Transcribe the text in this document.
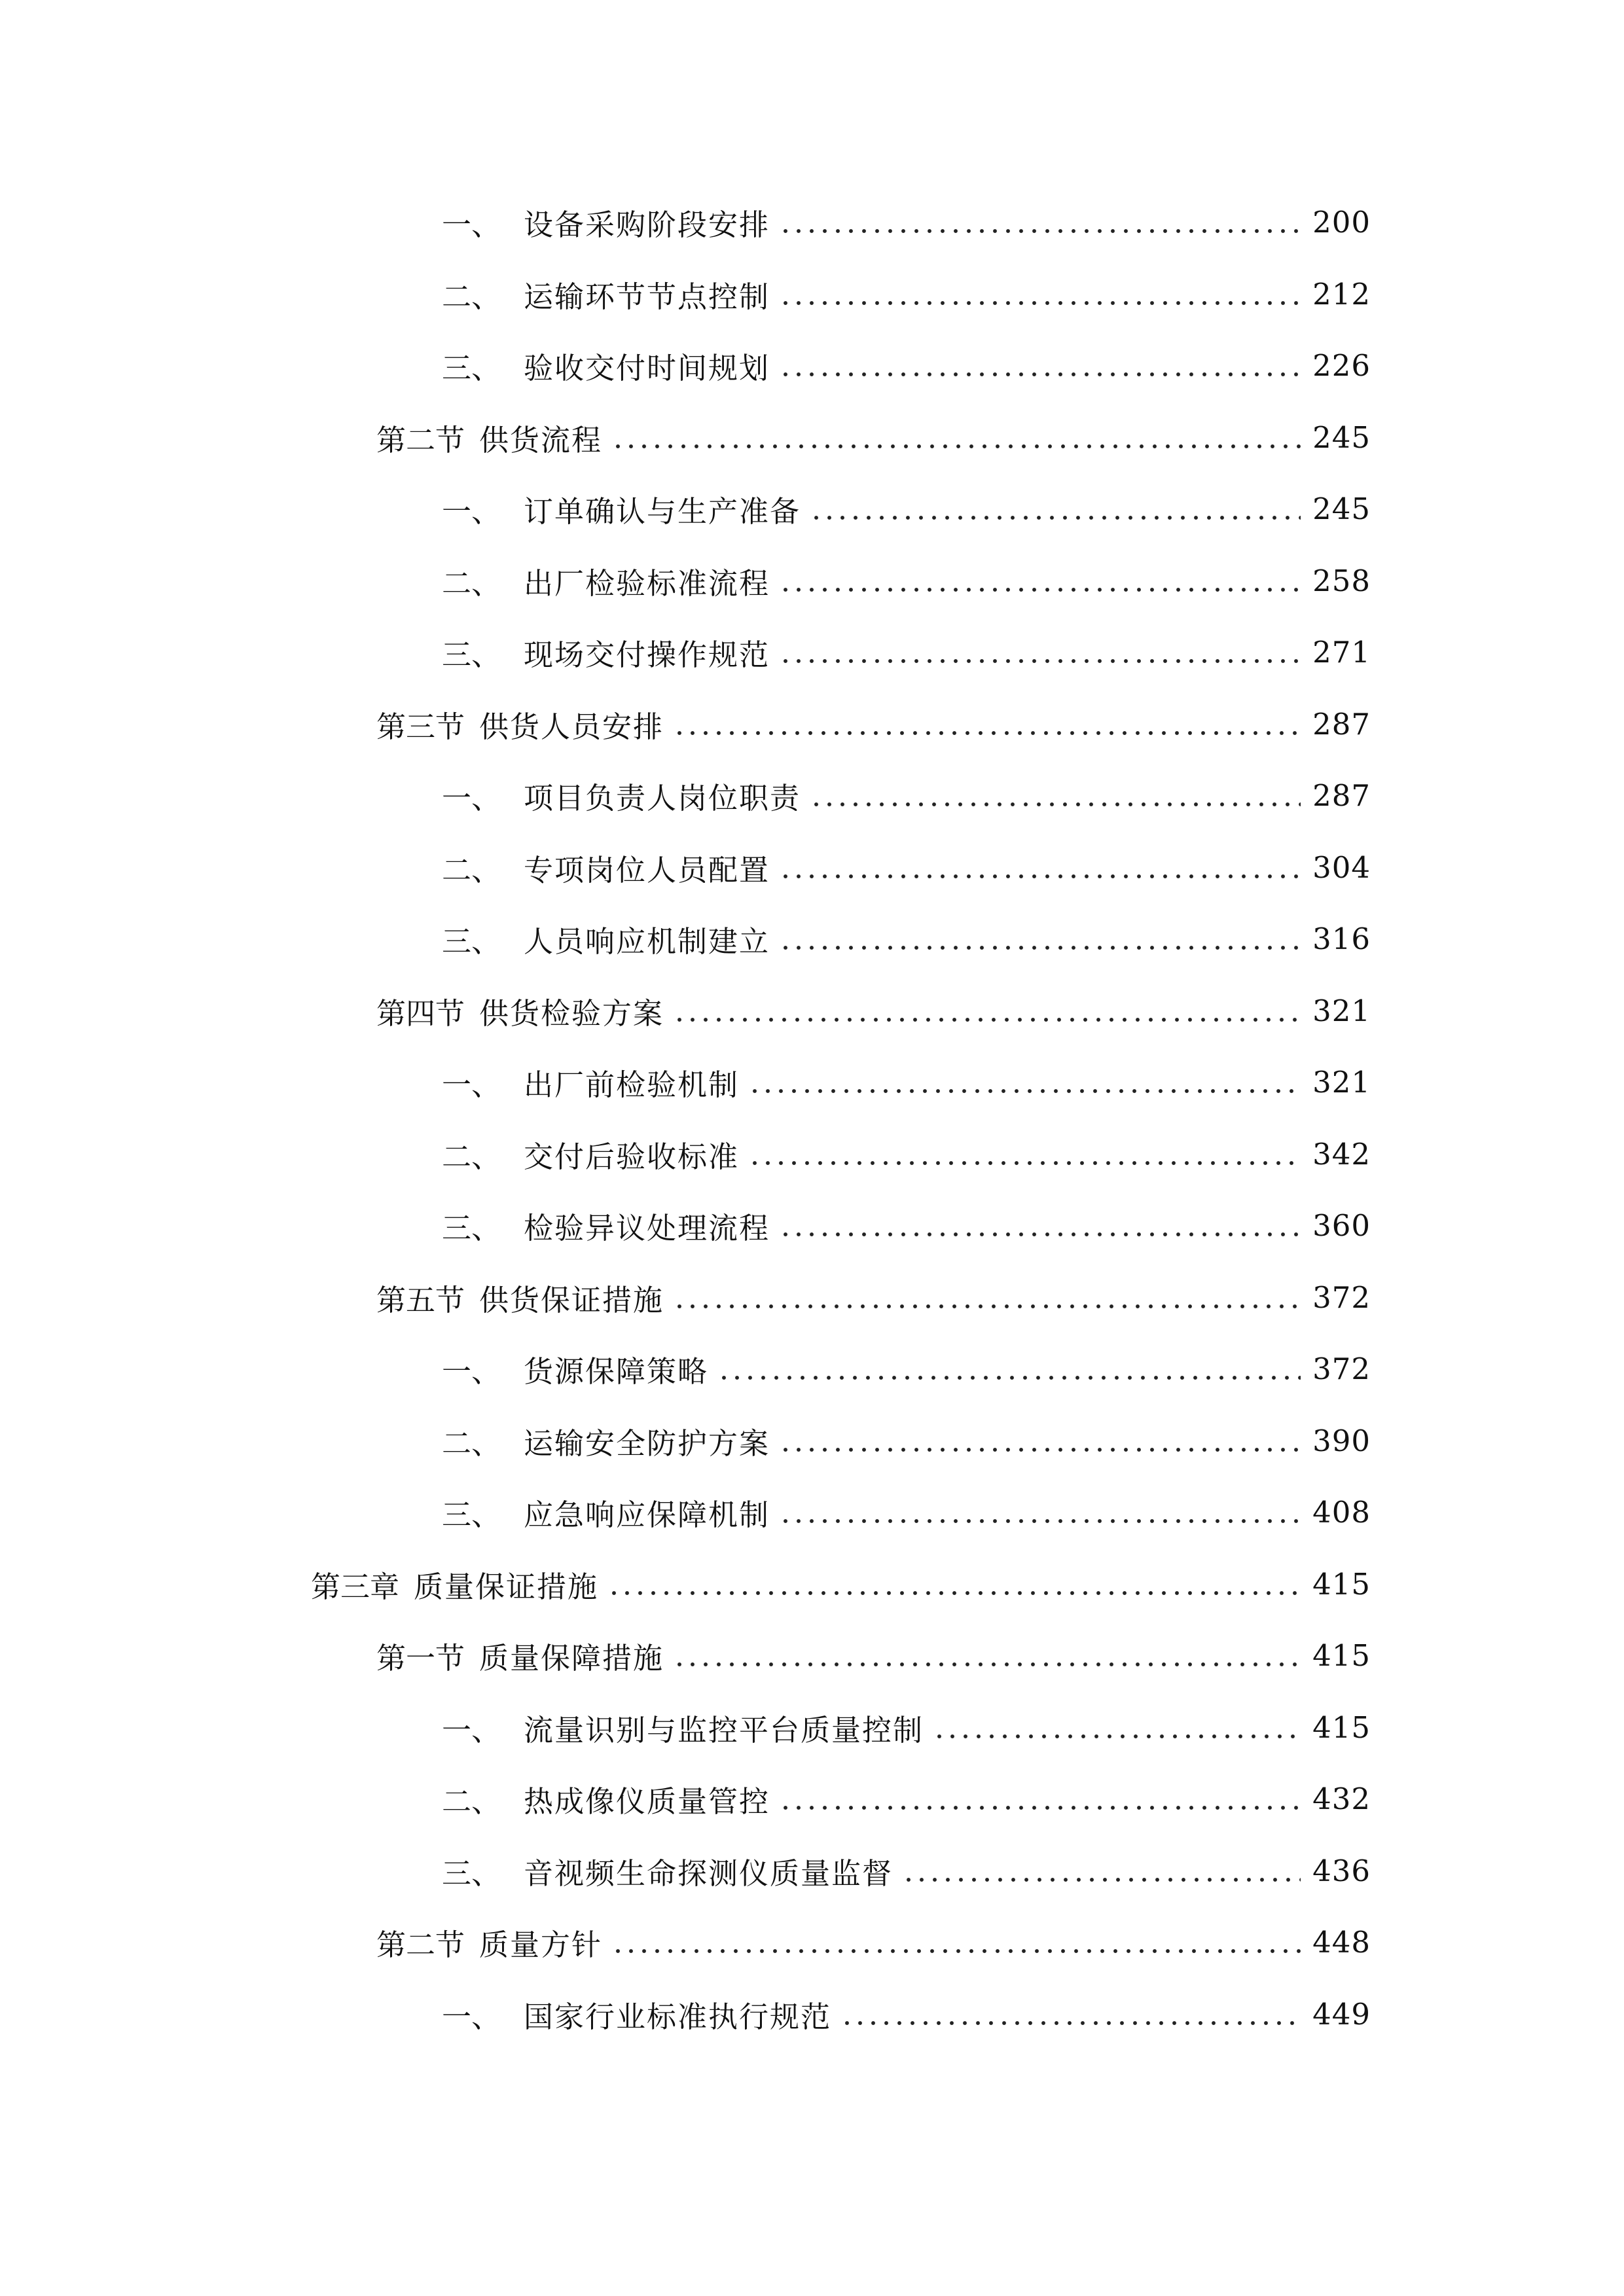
一、 设备采购阶段安排	200
二、 运输环节节点控制	212
三、 验收交付时间规划	226
第二节 供货流程	245
一、 订单确认与生产准备	245
二、 出厂检验标准流程	258
三、 现场交付操作规范	271
第三节 供货人员安排	287
一、 项目负责人岗位职责	287
二、 专项岗位人员配置	304
三、 人员响应机制建立	316
第四节 供货检验方案	321
一、 出厂前检验机制	321
二、 交付后验收标准	342
三、 检验异议处理流程	360
第五节 供货保证措施	372
一、 货源保障策略	372
二、 运输安全防护方案	390
三、 应急响应保障机制	408
第三章 质量保证措施	415
第一节 质量保障措施	415
一、 流量识别与监控平台质量控制	415
二、 热成像仪质量管控	432
三、 音视频生命探测仪质量监督	436
第二节 质量方针	448
一、 国家行业标准执行规范	449
